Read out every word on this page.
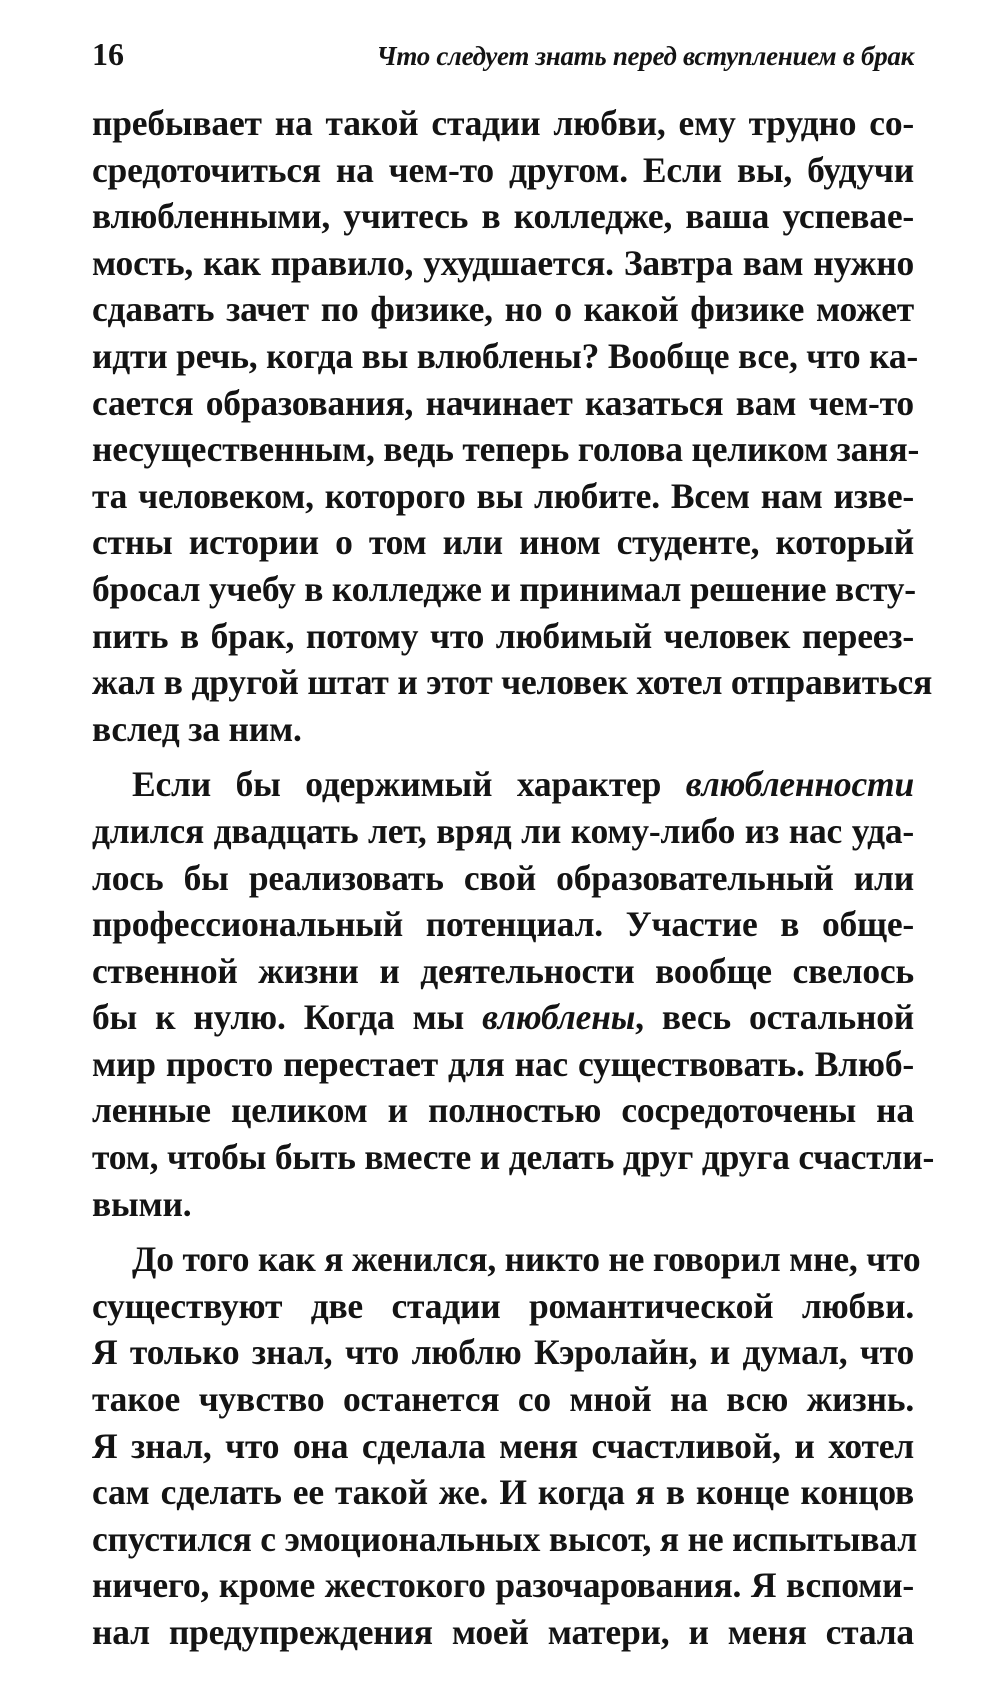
16	Что следует знать перед вступлением в брак

пребывает на такой стадии любви, ему трудно со-
средоточиться на чем-то другом. Если вы, будучи
влюбленными, учитесь в колледже, ваша успевае-
мость, как правило, ухудшается. Завтра вам нужно
сдавать зачет по физике, но о какой физике может
идти речь, когда вы влюблены? Вообще все, что ка-
сается образования, начинает казаться вам чем-то
несущественным, ведь теперь голова целиком заня-
та человеком, которого вы любите. Всем нам изве-
стны истории о том или ином студенте, который
бросал учебу в колледже и принимал решение всту-
пить в брак, потому что любимый человек переез-
жал в другой штат и этот человек хотел отправиться
вслед за ним.

Если бы одержимый характер влюбленности
длился двадцать лет, вряд ли кому-либо из нас уда-
лось бы реализовать свой образовательный или
профессиональный потенциал. Участие в обще-
ственной жизни и деятельности вообще свелось
бы к нулю. Когда мы влюблены, весь остальной
мир просто перестает для нас существовать. Влюб-
ленные целиком и полностью сосредоточены на
том, чтобы быть вместе и делать друг друга счастли-
выми.

До того как я женился, никто не говорил мне, что
существуют две стадии романтической любви.
Я только знал, что люблю Кэролайн, и думал, что
такое чувство останется со мной на всю жизнь.
Я знал, что она сделала меня счастливой, и хотел
сам сделать ее такой же. И когда я в конце концов
спустился с эмоциональных высот, я не испытывал
ничего, кроме жестокого разочарования. Я вспоми-
нал предупреждения моей матери, и меня стала
